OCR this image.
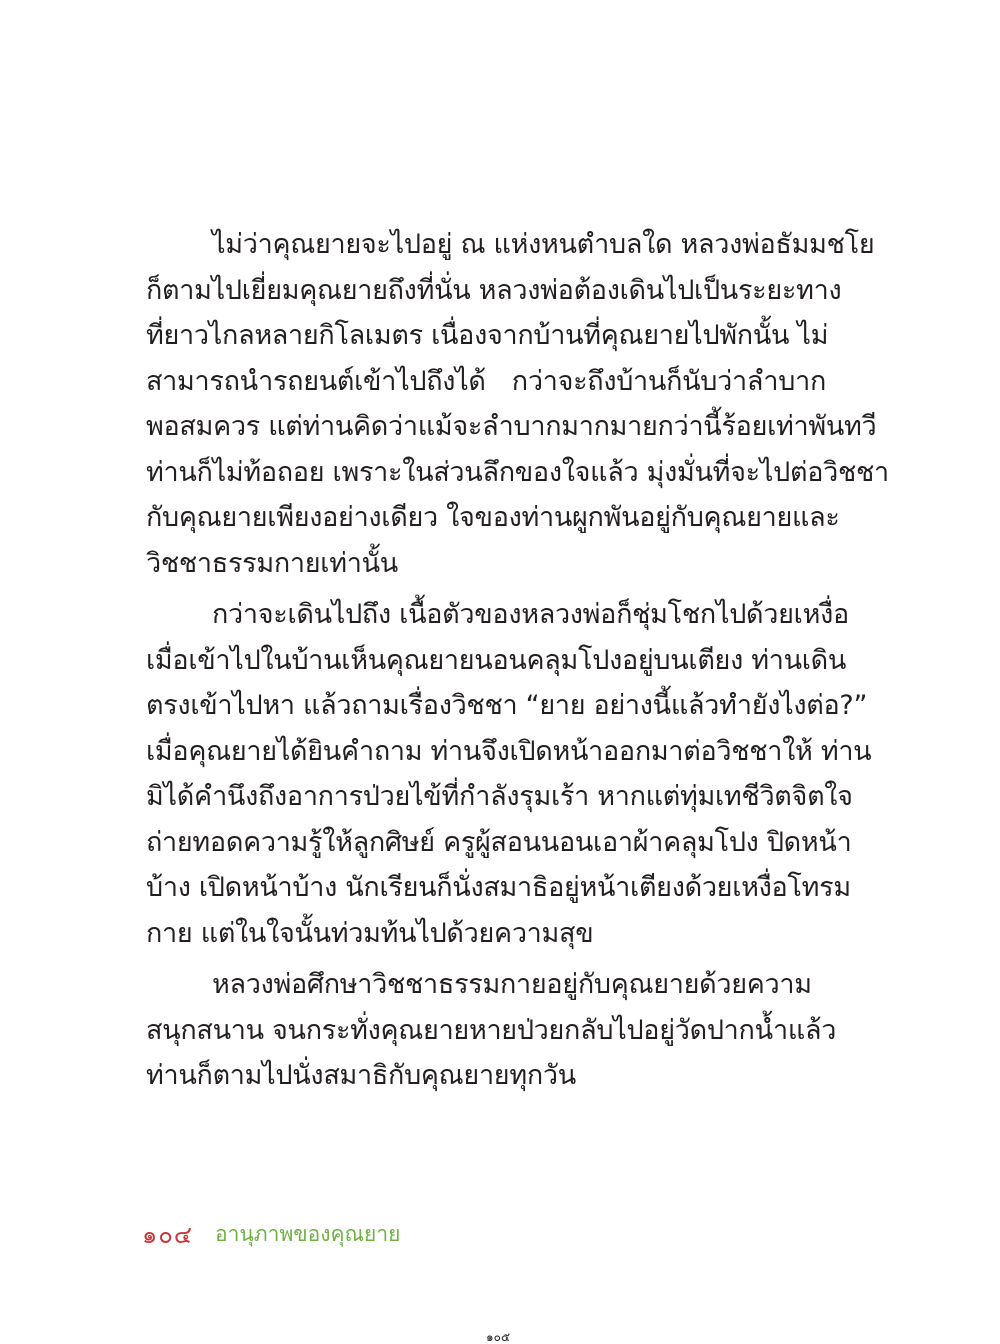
ไม่ว่าคุณยายจะไปอยู่ ณ แห่งหนตำบลใด หลวงพ่อธัมมชโย
ก็ตามไปเยี่ยมคุณยายถึงที่นั่น หลวงพ่อต้องเดินไปเป็นระยะทาง
ที่ยาวไกลหลายกิโลเมตร เนื่องจากบ้านที่คุณยายไปพักนั้น ไม่
สามารถนำรถยนต์เข้าไปถึงได้ กว่าจะถึงบ้านก็นับว่าลำบาก
พอสมควร แต่ท่านคิดว่าแม้จะลำบากมากมายกว่านี้ร้อยเท่าพันทวี
ท่านก็ไม่ท้อถอย เพราะในส่วนลึกของใจแล้ว มุ่งมั่นที่จะไปต่อวิชชา
กับคุณยายเพียงอย่างเดียว ใจของท่านผูกพันอยู่กับคุณยายและ
วิชชาธรรมกายเท่านั้น
กว่าจะเดินไปถึง เนื้อตัวของหลวงพ่อก็ชุ่มโชกไปด้วยเหงื่อ
เมื่อเข้าไปในบ้านเห็นคุณยายนอนคลุมโปงอยู่บนเตียง ท่านเดิน
ตรงเข้าไปหา แล้วถามเรื่องวิชชา “ยาย อย่างนี้แล้วทำยังไงต่อ?”
เมื่อคุณยายได้ยินคำถาม ท่านจึงเปิดหน้าออกมาต่อวิชชาให้ ท่าน
มิได้คำนึงถึงอาการป่วยไข้ที่กำลังรุมเร้า หากแต่ทุ่มเทชีวิตจิตใจ
ถ่ายทอดความรู้ให้ลูกศิษย์ ครูผู้สอนนอนเอาผ้าคลุมโปง ปิดหน้า
บ้าง เปิดหน้าบ้าง นักเรียนก็นั่งสมาธิอยู่หน้าเตียงด้วยเหงื่อโทรม
กาย แต่ในใจนั้นท่วมท้นไปด้วยความสุข
หลวงพ่อศึกษาวิชชาธรรมกายอยู่กับคุณยายด้วยความ
สนุกสนาน จนกระทั่งคุณยายหายป่วยกลับไปอยู่วัดปากน้ำแล้ว
ท่านก็ตามไปนั่งสมาธิกับคุณยายทุกวัน
๑๐๔ อานุภาพของคุณยาย
๑๐๕
